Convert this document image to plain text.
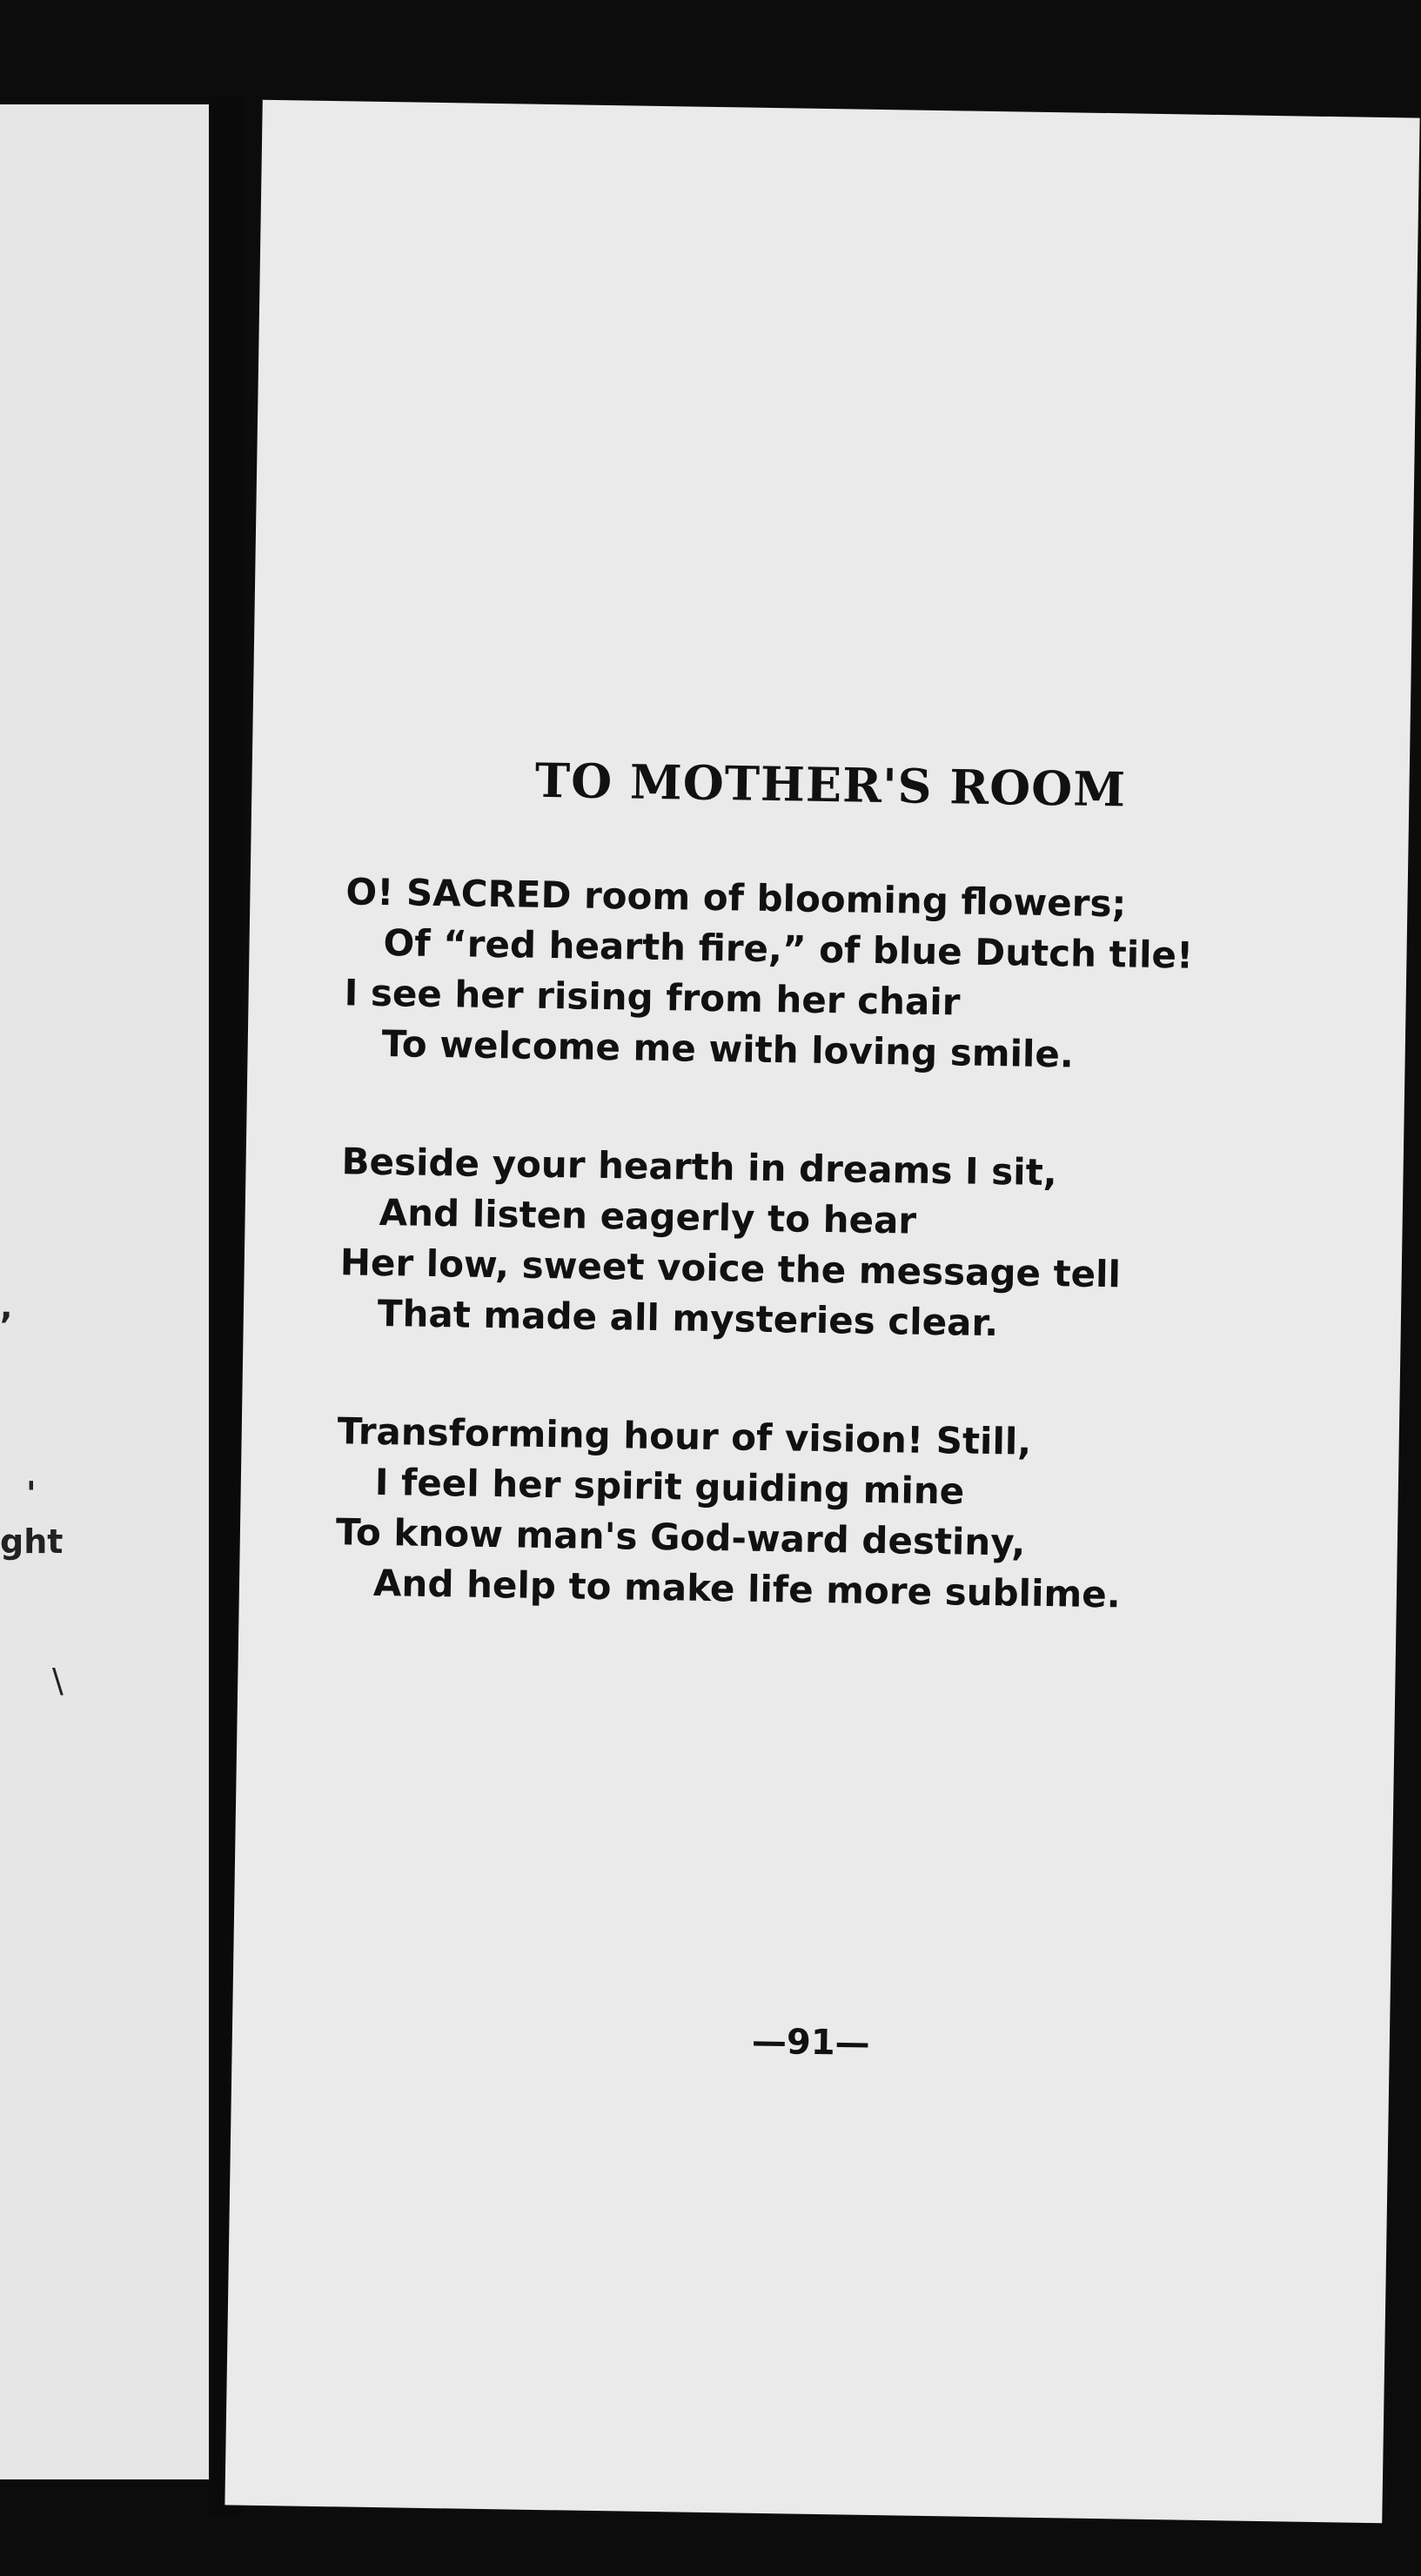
,
'
ght
\
TO MOTHER'S ROOM

O! SACRED room of blooming flowers;

Of “red hearth fire,” of blue Dutch tile!

I see her rising from her chair

To welcome me with loving smile.

Beside your hearth in dreams I sit,

And listen eagerly to hear

Her low, sweet voice the message tell

That made all mysteries clear.

Transforming hour of vision! Still,

I feel her spirit guiding mine

To know man's God-ward destiny,

And help to make life more sublime.

—91—
